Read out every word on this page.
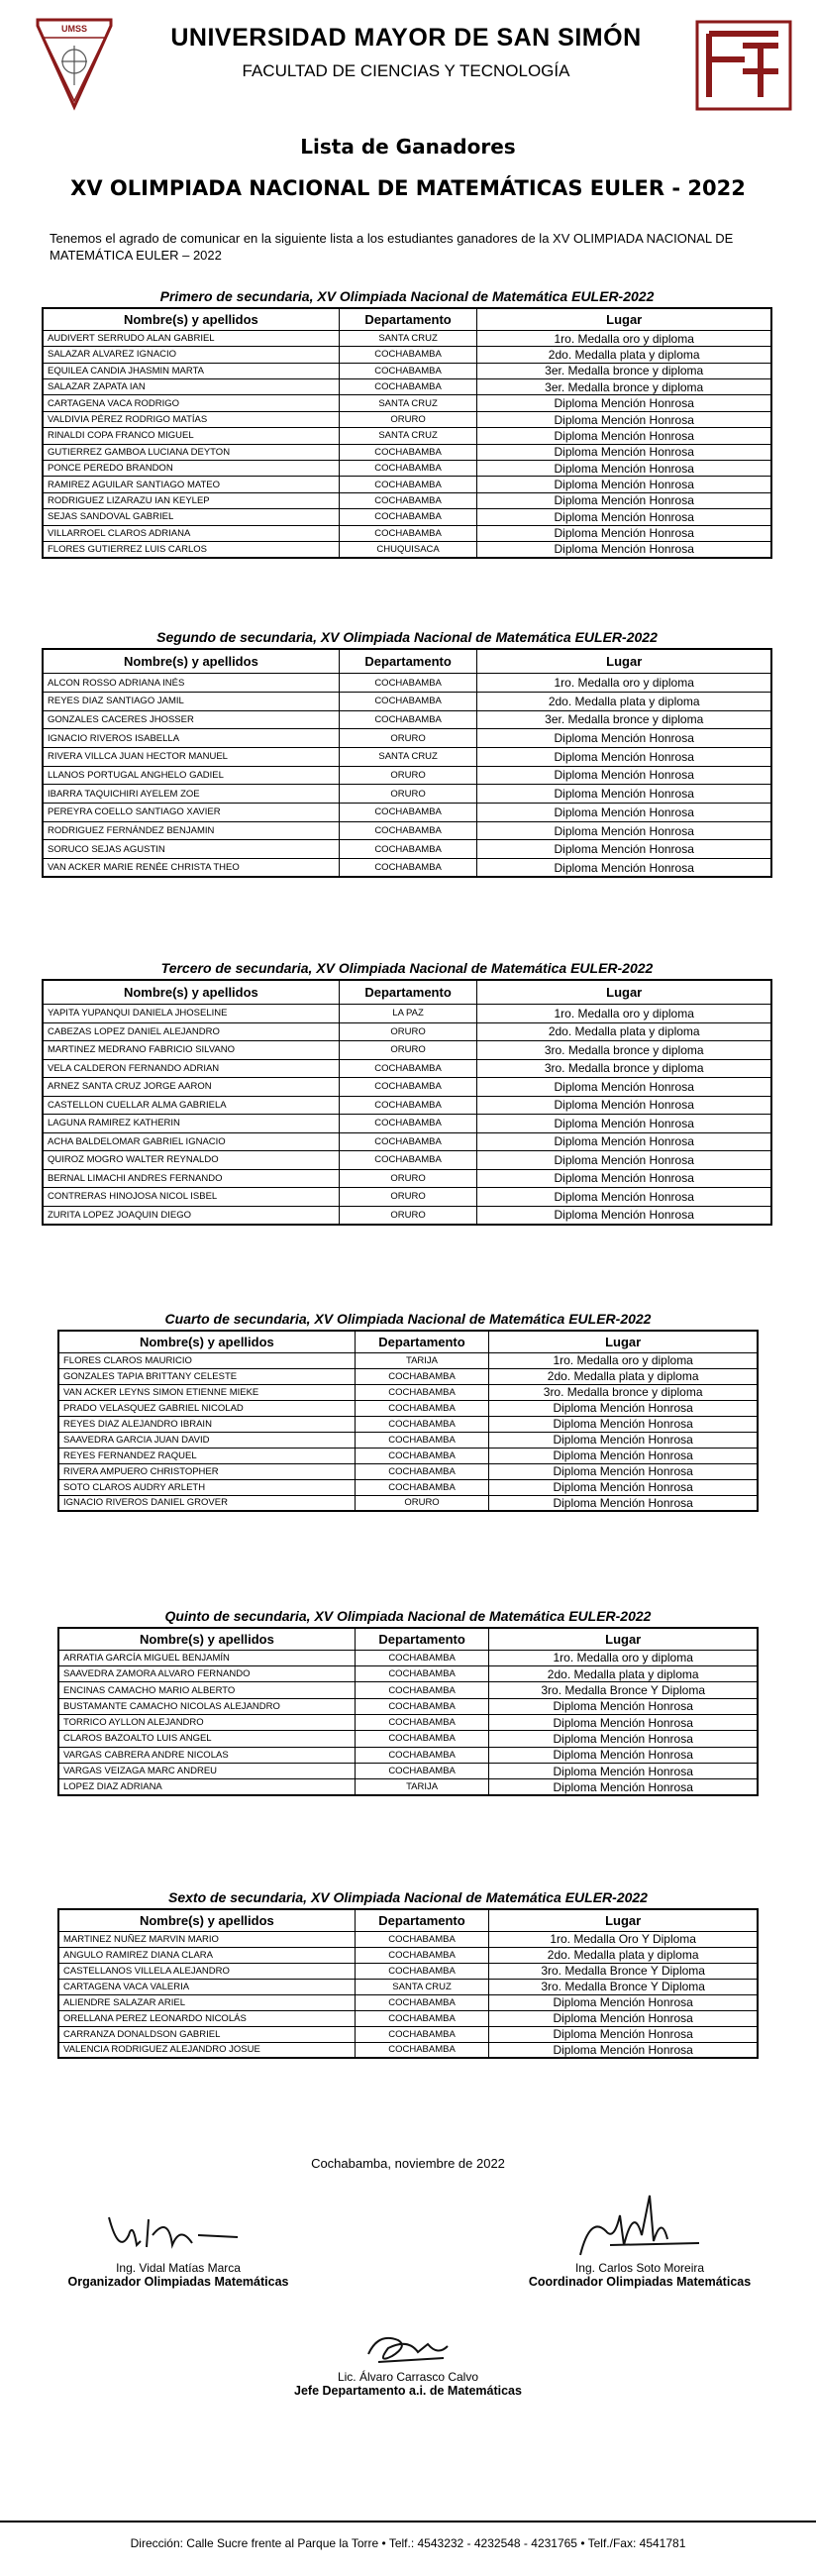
UMSS	UNIVERSIDAD MAYOR DE SAN SIMÓN
FACULTAD DE CIENCIAS Y TECNOLOGÍA
Lista de Ganadores
XV OLIMPIADA NACIONAL DE MATEMÁTICAS EULER - 2022
Tenemos el agrado de comunicar en la siguiente lista a los estudiantes ganadores de la XV OLIMPIADA NACIONAL DE MATEMÁTICA EULER – 2022
Primero de secundaria, XV Olimpiada Nacional de Matemática EULER-2022
Nombre(s) y apellidos	Departamento	Lugar
AUDIVERT SERRUDO ALAN GABRIEL	SANTA CRUZ	1ro. Medalla oro y diploma
SALAZAR ALVAREZ IGNACIO	COCHABAMBA	2do. Medalla plata y diploma
EQUILEA CANDIA JHASMIN MARTA	COCHABAMBA	3er. Medalla bronce y diploma
SALAZAR ZAPATA IAN	COCHABAMBA	3er. Medalla bronce y diploma
CARTAGENA VACA RODRIGO	SANTA CRUZ	Diploma Mención Honrosa
VALDIVIA PÉREZ RODRIGO MATÍAS	ORURO	Diploma Mención Honrosa
RINALDI COPA FRANCO MIGUEL	SANTA CRUZ	Diploma Mención Honrosa
GUTIERREZ GAMBOA LUCIANA DEYTON	COCHABAMBA	Diploma Mención Honrosa
PONCE PEREDO BRANDON	COCHABAMBA	Diploma Mención Honrosa
RAMIREZ AGUILAR SANTIAGO MATEO	COCHABAMBA	Diploma Mención Honrosa
RODRIGUEZ LIZARAZU IAN KEYLEP	COCHABAMBA	Diploma Mención Honrosa
SEJAS SANDOVAL GABRIEL	COCHABAMBA	Diploma Mención Honrosa
VILLARROEL CLAROS ADRIANA	COCHABAMBA	Diploma Mención Honrosa
FLORES GUTIERREZ LUIS CARLOS	CHUQUISACA	Diploma Mención Honrosa
Segundo de secundaria, XV Olimpiada Nacional de Matemática EULER-2022
Nombre(s) y apellidos	Departamento	Lugar
ALCON ROSSO ADRIANA INÉS	COCHABAMBA	1ro. Medalla oro y diploma
REYES DIAZ SANTIAGO JAMIL	COCHABAMBA	2do. Medalla plata y diploma
GONZALES CACERES JHOSSER	COCHABAMBA	3er. Medalla bronce y diploma
IGNACIO RIVEROS ISABELLA	ORURO	Diploma Mención Honrosa
RIVERA VILLCA JUAN HECTOR MANUEL	SANTA CRUZ	Diploma Mención Honrosa
LLANOS PORTUGAL ANGHELO GADIEL	ORURO	Diploma Mención Honrosa
IBARRA TAQUICHIRI AYELEM ZOE	ORURO	Diploma Mención Honrosa
PEREYRA COELLO SANTIAGO XAVIER	COCHABAMBA	Diploma Mención Honrosa
RODRIGUEZ FERNÁNDEZ BENJAMIN	COCHABAMBA	Diploma Mención Honrosa
SORUCO SEJAS AGUSTIN	COCHABAMBA	Diploma Mención Honrosa
VAN ACKER MARIE RENÉE CHRISTA THEO	COCHABAMBA	Diploma Mención Honrosa
Tercero de secundaria, XV Olimpiada Nacional de Matemática EULER-2022
Nombre(s) y apellidos	Departamento	Lugar
YAPITA YUPANQUI DANIELA JHOSELINE	LA PAZ	1ro. Medalla oro y diploma
CABEZAS LOPEZ DANIEL ALEJANDRO	ORURO	2do. Medalla plata y diploma
MARTINEZ MEDRANO FABRICIO SILVANO	ORURO	3ro. Medalla bronce y diploma
VELA CALDERON FERNANDO ADRIAN	COCHABAMBA	3ro. Medalla bronce y diploma
ARNEZ SANTA CRUZ JORGE AARON	COCHABAMBA	Diploma Mención Honrosa
CASTELLON CUELLAR ALMA GABRIELA	COCHABAMBA	Diploma Mención Honrosa
LAGUNA RAMIREZ KATHERIN	COCHABAMBA	Diploma Mención Honrosa
ACHA BALDELOMAR GABRIEL IGNACIO	COCHABAMBA	Diploma Mención Honrosa
QUIROZ MOGRO WALTER REYNALDO	COCHABAMBA	Diploma Mención Honrosa
BERNAL LIMACHI ANDRES FERNANDO	ORURO	Diploma Mención Honrosa
CONTRERAS HINOJOSA NICOL ISBEL	ORURO	Diploma Mención Honrosa
ZURITA LOPEZ JOAQUIN DIEGO	ORURO	Diploma Mención Honrosa
Cuarto de secundaria, XV Olimpiada Nacional de Matemática EULER-2022
Nombre(s) y apellidos	Departamento	Lugar
FLORES CLAROS MAURICIO	TARIJA	1ro. Medalla oro y diploma
GONZALES TAPIA BRITTANY CELESTE	COCHABAMBA	2do. Medalla plata y diploma
VAN ACKER LEYNS SIMON ETIENNE MIEKE	COCHABAMBA	3ro. Medalla bronce y diploma
PRADO VELASQUEZ GABRIEL NICOLAD	COCHABAMBA	Diploma Mención Honrosa
REYES DIAZ ALEJANDRO IBRAIN	COCHABAMBA	Diploma Mención Honrosa
SAAVEDRA GARCIA JUAN DAVID	COCHABAMBA	Diploma Mención Honrosa
REYES FERNANDEZ RAQUEL	COCHABAMBA	Diploma Mención Honrosa
RIVERA AMPUERO CHRISTOPHER	COCHABAMBA	Diploma Mención Honrosa
SOTO CLAROS AUDRY ARLETH	COCHABAMBA	Diploma Mención Honrosa
IGNACIO RIVEROS DANIEL GROVER	ORURO	Diploma Mención Honrosa
Quinto de secundaria, XV Olimpiada Nacional de Matemática EULER-2022
Nombre(s) y apellidos	Departamento	Lugar
ARRATIA GARCÍA MIGUEL BENJAMÍN	COCHABAMBA	1ro. Medalla oro y diploma
SAAVEDRA ZAMORA ALVARO FERNANDO	COCHABAMBA	2do. Medalla plata y diploma
ENCINAS CAMACHO MARIO ALBERTO	COCHABAMBA	3ro. Medalla Bronce Y Diploma
BUSTAMANTE CAMACHO NICOLAS ALEJANDRO	COCHABAMBA	Diploma Mención Honrosa
TORRICO AYLLON ALEJANDRO	COCHABAMBA	Diploma Mención Honrosa
CLAROS BAZOALTO LUIS ANGEL	COCHABAMBA	Diploma Mención Honrosa
VARGAS CABRERA ANDRE NICOLAS	COCHABAMBA	Diploma Mención Honrosa
VARGAS VEIZAGA MARC ANDREU	COCHABAMBA	Diploma Mención Honrosa
LOPEZ DIAZ ADRIANA	TARIJA	Diploma Mención Honrosa
Sexto de secundaria, XV Olimpiada Nacional de Matemática EULER-2022
Nombre(s) y apellidos	Departamento	Lugar
MARTINEZ NUÑEZ MARVIN MARIO	COCHABAMBA	1ro. Medalla Oro Y Diploma
ANGULO RAMIREZ DIANA CLARA	COCHABAMBA	2do. Medalla plata y diploma
CASTELLANOS VILLELA ALEJANDRO	COCHABAMBA	3ro. Medalla Bronce Y Diploma
CARTAGENA VACA VALERIA	SANTA CRUZ	3ro. Medalla Bronce Y Diploma
ALIENDRE SALAZAR ARIEL	COCHABAMBA	Diploma Mención Honrosa
ORELLANA PEREZ LEONARDO NICOLÁS	COCHABAMBA	Diploma Mención Honrosa
CARRANZA DONALDSON GABRIEL	COCHABAMBA	Diploma Mención Honrosa
VALENCIA RODRIGUEZ ALEJANDRO JOSUE	COCHABAMBA	Diploma Mención Honrosa
Cochabamba, noviembre de 2022
Ing. Vidal Matías Marca
Organizador Olimpiadas Matemáticas
Ing. Carlos Soto Moreira
Coordinador Olimpiadas Matemáticas
Lic. Álvaro Carrasco Calvo
Jefe Departamento a.i. de Matemáticas
Dirección: Calle Sucre frente al Parque la Torre • Telf.: 4543232 - 4232548 - 4231765 • Telf./Fax: 4541781
